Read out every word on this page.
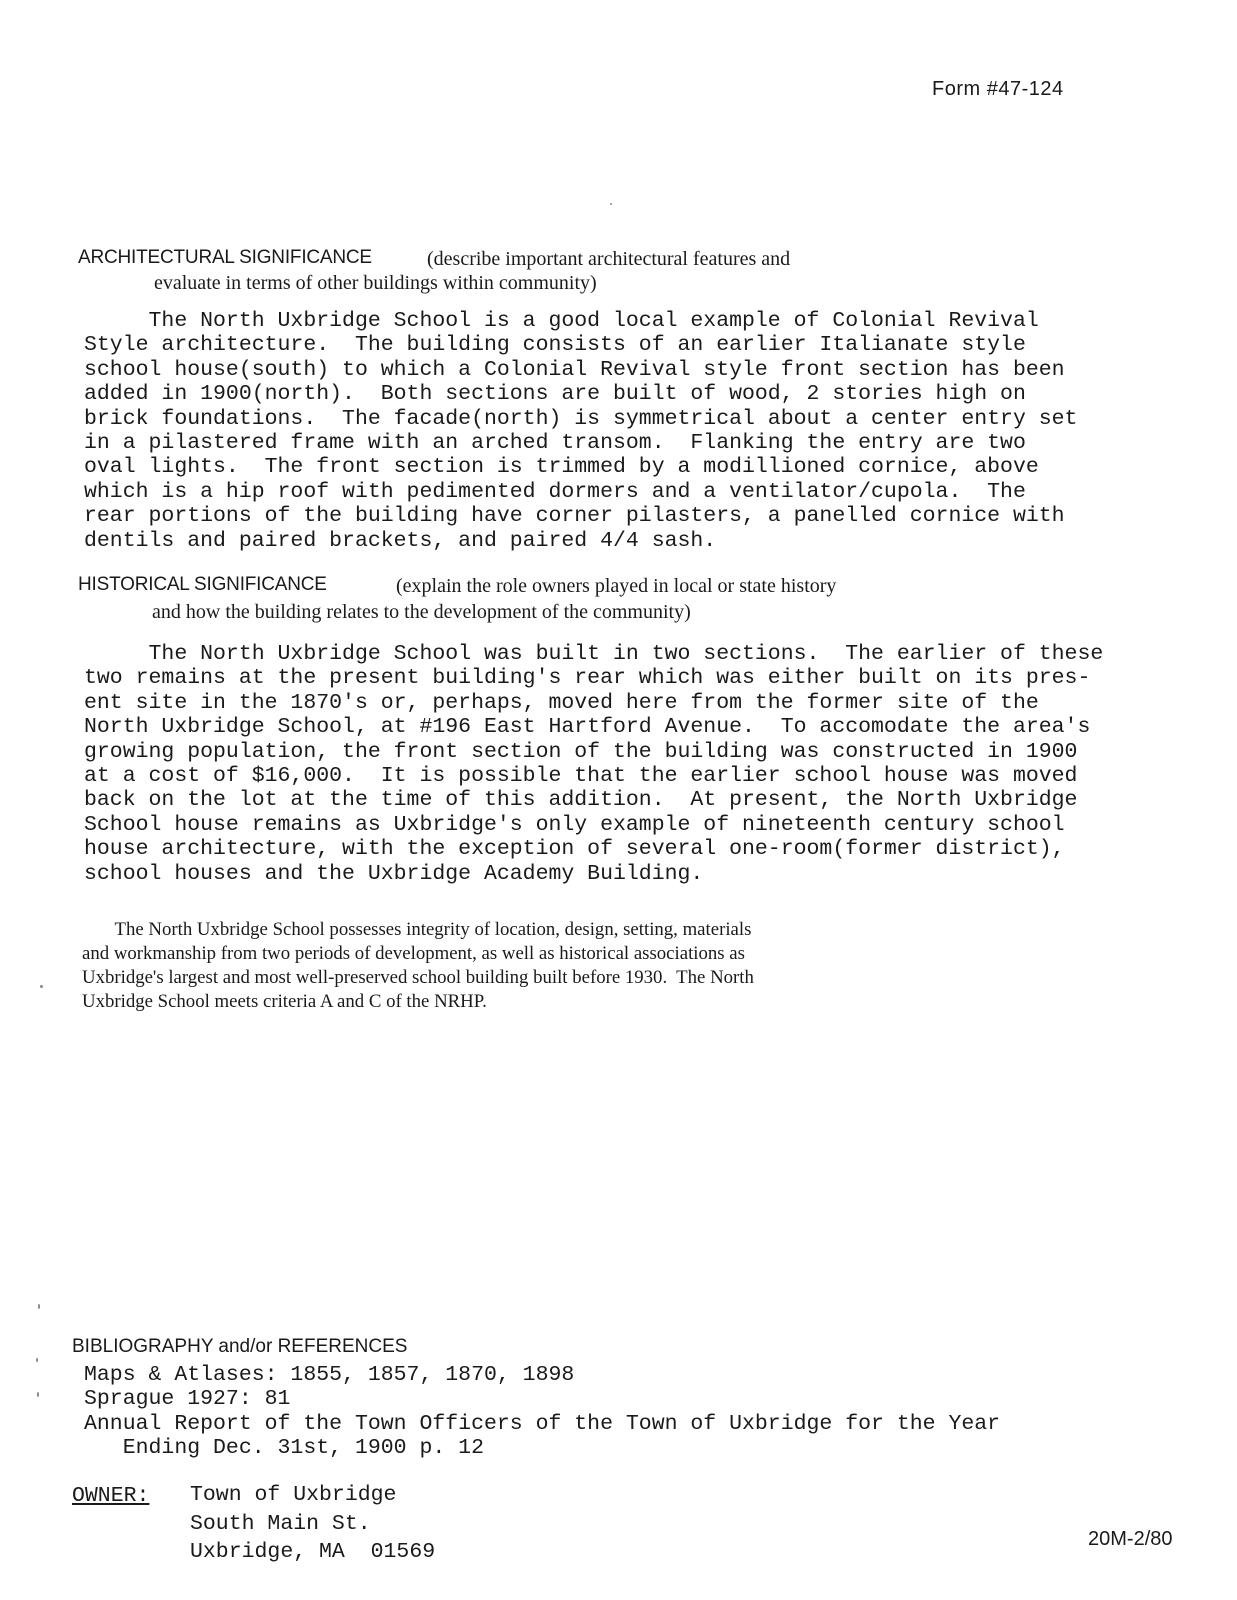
Form #47-124
ARCHITECTURAL SIGNIFICANCE	(describe important architectural features and
evaluate in terms of other buildings within community)
The North Uxbridge School is a good local example of Colonial Revival
Style architecture.  The building consists of an earlier Italianate style
school house(south) to which a Colonial Revival style front section has been
added in 1900(north).  Both sections are built of wood, 2 stories high on
brick foundations.  The facade(north) is symmetrical about a center entry set
in a pilastered frame with an arched transom.  Flanking the entry are two
oval lights.  The front section is trimmed by a modillioned cornice, above
which is a hip roof with pedimented dormers and a ventilator/cupola.  The
rear portions of the building have corner pilasters, a panelled cornice with
dentils and paired brackets, and paired 4/4 sash.
HISTORICAL SIGNIFICANCE	(explain the role owners played in local or state history
and how the building relates to the development of the community)
The North Uxbridge School was built in two sections.  The earlier of these
two remains at the present building's rear which was either built on its pres-
ent site in the 1870's or, perhaps, moved here from the former site of the
North Uxbridge School, at #196 East Hartford Avenue.  To accomodate the area's
growing population, the front section of the building was constructed in 1900
at a cost of $16,000.  It is possible that the earlier school house was moved
back on the lot at the time of this addition.  At present, the North Uxbridge
School house remains as Uxbridge's only example of nineteenth century school
house architecture, with the exception of several one-room(former district),
school houses and the Uxbridge Academy Building.
The North Uxbridge School possesses integrity of location, design, setting, materials
and workmanship from two periods of development, as well as historical associations as
Uxbridge's largest and most well-preserved school building built before 1930.  The North
Uxbridge School meets criteria A and C of the NRHP.
BIBLIOGRAPHY and/or REFERENCES
Maps & Atlases: 1855, 1857, 1870, 1898
Sprague 1927: 81
Annual Report of the Town Officers of the Town of Uxbridge for the Year
Ending Dec. 31st, 1900 p. 12
OWNER: Town of Uxbridge
South Main St.
Uxbridge, MA  01569
20M-2/80
